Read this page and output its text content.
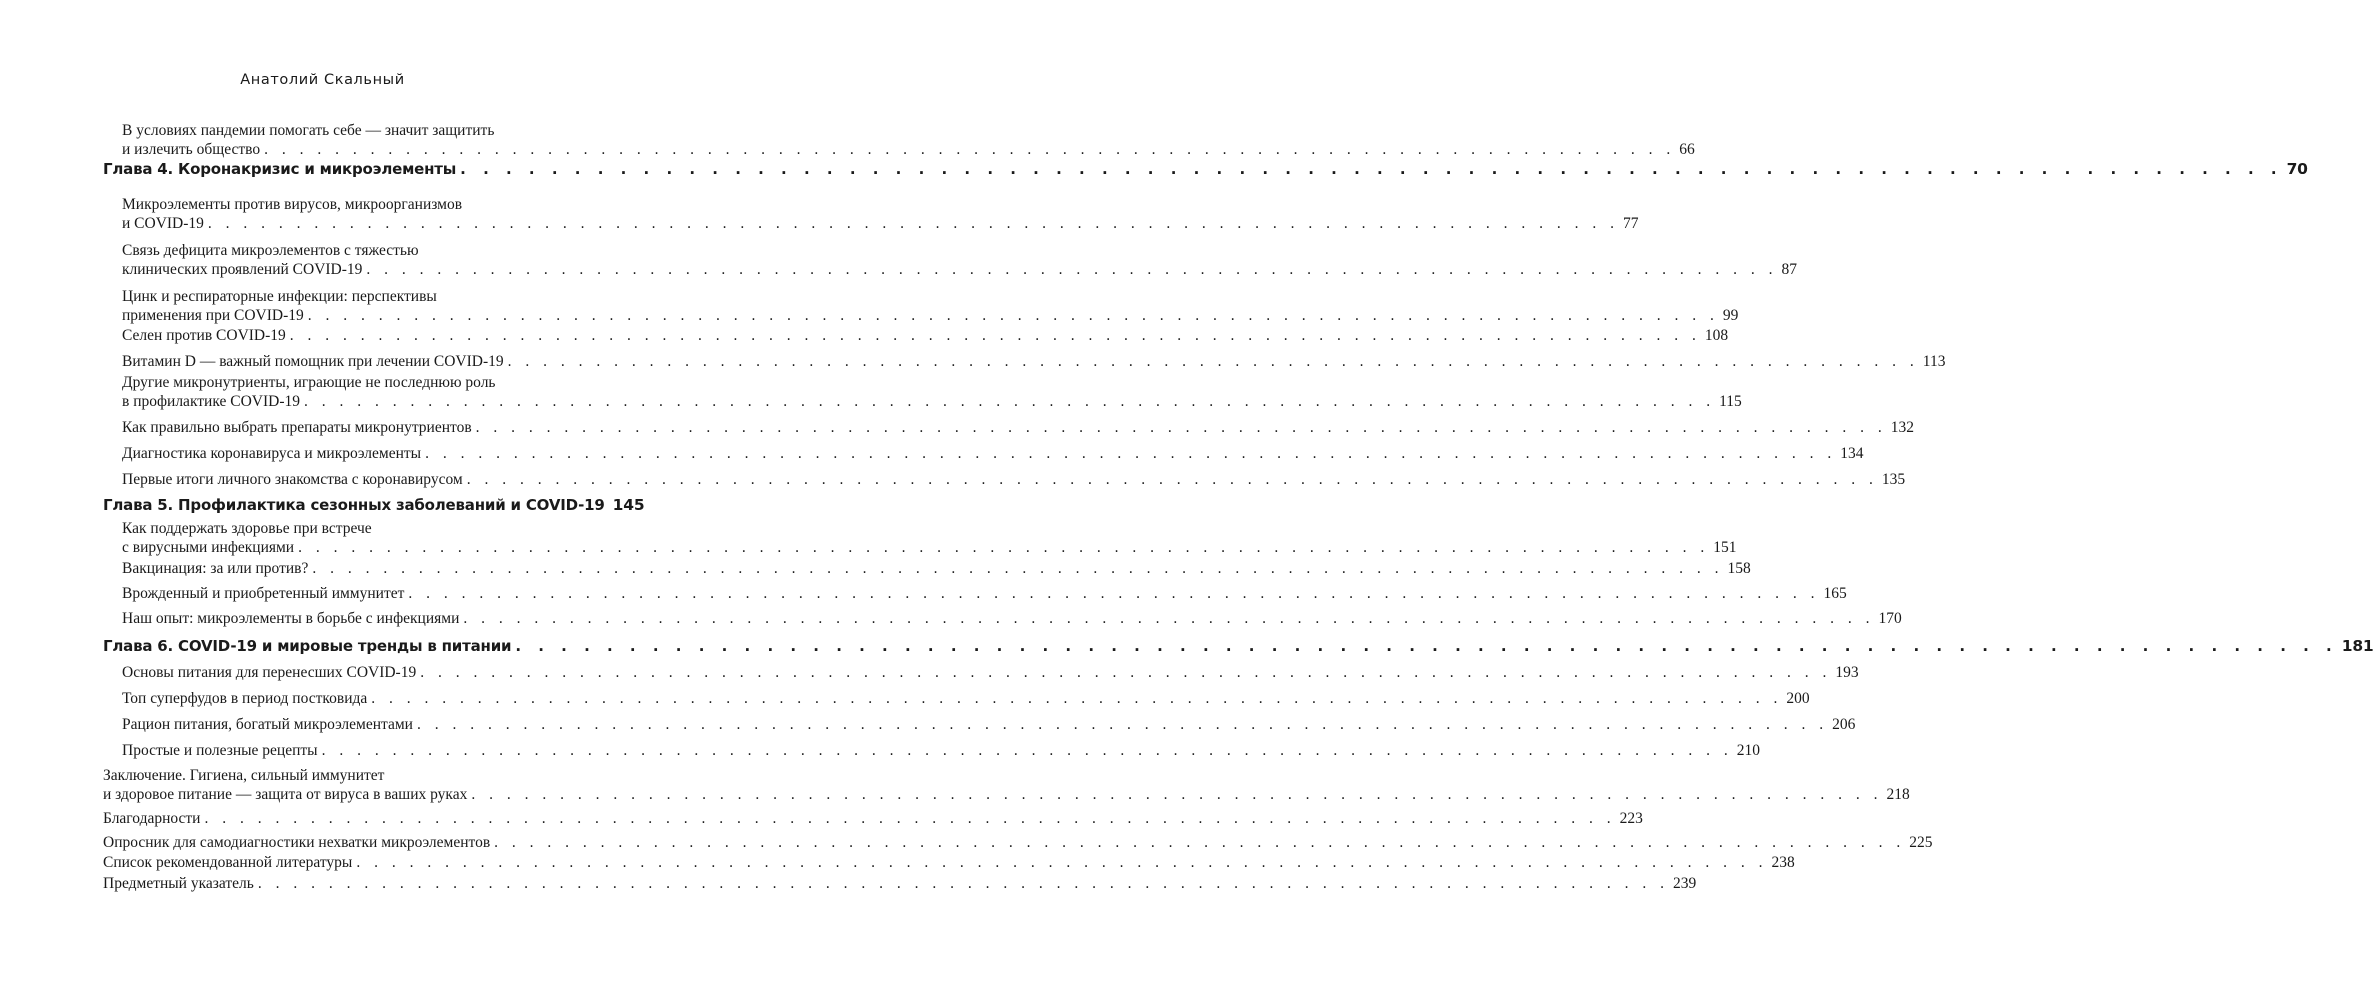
Анатолий Скальный
В условиях пандемии помогать себе — значит защитить
и излечить общество . . . . . . . . . . . . . . . . . . . . . . . . . . . . . . . . . . . . . . . . . . . . . . . . . . . . . . . . . . . . . . . . . . . . . . . . . . . . . . . . 66
Глава 4. Коронакризис и микроэлементы . . . . . . . . . . . . . . . . . . . . . . . . . . . . . . . . . . . . . . . . . . . . . . . . . . . . . . . . . . . . . . . . . . . . . . . . . . . . . . . . 70
Микроэлементы против вирусов, микроорганизмов
и COVID-19 . . . . . . . . . . . . . . . . . . . . . . . . . . . . . . . . . . . . . . . . . . . . . . . . . . . . . . . . . . . . . . . . . . . . . . . . . . . . . . . . 77
Связь дефицита микроэлементов с тяжестью
клинических проявлений COVID-19 . . . . . . . . . . . . . . . . . . . . . . . . . . . . . . . . . . . . . . . . . . . . . . . . . . . . . . . . . . . . . . . . . . . . . . . . . . . . . . . . 87
Цинк и респираторные инфекции: перспективы
применения при COVID-19 . . . . . . . . . . . . . . . . . . . . . . . . . . . . . . . . . . . . . . . . . . . . . . . . . . . . . . . . . . . . . . . . . . . . . . . . . . . . . . . . 99
Селен против COVID-19 . . . . . . . . . . . . . . . . . . . . . . . . . . . . . . . . . . . . . . . . . . . . . . . . . . . . . . . . . . . . . . . . . . . . . . . . . . . . . . . . 108
Витамин D — важный помощник при лечении COVID-19 . . . . . . . . . . . . . . . . . . . . . . . . . . . . . . . . . . . . . . . . . . . . . . . . . . . . . . . . . . . . . . . . . . . . . . . . . . . . . . . . 113
Другие микронутриенты, играющие не последнюю роль
в профилактике COVID-19 . . . . . . . . . . . . . . . . . . . . . . . . . . . . . . . . . . . . . . . . . . . . . . . . . . . . . . . . . . . . . . . . . . . . . . . . . . . . . . . . 115
Как правильно выбрать препараты микронутриентов . . . . . . . . . . . . . . . . . . . . . . . . . . . . . . . . . . . . . . . . . . . . . . . . . . . . . . . . . . . . . . . . . . . . . . . . . . . . . . . . 132
Диагностика коронавируса и микроэлементы . . . . . . . . . . . . . . . . . . . . . . . . . . . . . . . . . . . . . . . . . . . . . . . . . . . . . . . . . . . . . . . . . . . . . . . . . . . . . . . . 134
Первые итоги личного знакомства с коронавирусом . . . . . . . . . . . . . . . . . . . . . . . . . . . . . . . . . . . . . . . . . . . . . . . . . . . . . . . . . . . . . . . . . . . . . . . . . . . . . . . . 135
Глава 5. Профилактика сезонных заболеваний и COVID-19 145
Как поддержать здоровье при встрече
с вирусными инфекциями . . . . . . . . . . . . . . . . . . . . . . . . . . . . . . . . . . . . . . . . . . . . . . . . . . . . . . . . . . . . . . . . . . . . . . . . . . . . . . . . 151
Вакцинация: за или против? . . . . . . . . . . . . . . . . . . . . . . . . . . . . . . . . . . . . . . . . . . . . . . . . . . . . . . . . . . . . . . . . . . . . . . . . . . . . . . . . 158
Врожденный и приобретенный иммунитет . . . . . . . . . . . . . . . . . . . . . . . . . . . . . . . . . . . . . . . . . . . . . . . . . . . . . . . . . . . . . . . . . . . . . . . . . . . . . . . . 165
Наш опыт: микроэлементы в борьбе с инфекциями . . . . . . . . . . . . . . . . . . . . . . . . . . . . . . . . . . . . . . . . . . . . . . . . . . . . . . . . . . . . . . . . . . . . . . . . . . . . . . . . 170
Глава 6. COVID-19 и мировые тренды в питании . . . . . . . . . . . . . . . . . . . . . . . . . . . . . . . . . . . . . . . . . . . . . . . . . . . . . . . . . . . . . . . . . . . . . . . . . . . . . . . . 181
Основы питания для перенесших COVID-19 . . . . . . . . . . . . . . . . . . . . . . . . . . . . . . . . . . . . . . . . . . . . . . . . . . . . . . . . . . . . . . . . . . . . . . . . . . . . . . . . 193
Топ суперфудов в период постковида . . . . . . . . . . . . . . . . . . . . . . . . . . . . . . . . . . . . . . . . . . . . . . . . . . . . . . . . . . . . . . . . . . . . . . . . . . . . . . . . 200
Рацион питания, богатый микроэлементами . . . . . . . . . . . . . . . . . . . . . . . . . . . . . . . . . . . . . . . . . . . . . . . . . . . . . . . . . . . . . . . . . . . . . . . . . . . . . . . . 206
Простые и полезные рецепты . . . . . . . . . . . . . . . . . . . . . . . . . . . . . . . . . . . . . . . . . . . . . . . . . . . . . . . . . . . . . . . . . . . . . . . . . . . . . . . . 210
Заключение. Гигиена, сильный иммунитет
и здоровое питание — защита от вируса в ваших руках . . . . . . . . . . . . . . . . . . . . . . . . . . . . . . . . . . . . . . . . . . . . . . . . . . . . . . . . . . . . . . . . . . . . . . . . . . . . . . . . 218
Благодарности . . . . . . . . . . . . . . . . . . . . . . . . . . . . . . . . . . . . . . . . . . . . . . . . . . . . . . . . . . . . . . . . . . . . . . . . . . . . . . . . 223
Опросник для самодиагностики нехватки микроэлементов . . . . . . . . . . . . . . . . . . . . . . . . . . . . . . . . . . . . . . . . . . . . . . . . . . . . . . . . . . . . . . . . . . . . . . . . . . . . . . . . 225
Список рекомендованной литературы . . . . . . . . . . . . . . . . . . . . . . . . . . . . . . . . . . . . . . . . . . . . . . . . . . . . . . . . . . . . . . . . . . . . . . . . . . . . . . . . 238
Предметный указатель . . . . . . . . . . . . . . . . . . . . . . . . . . . . . . . . . . . . . . . . . . . . . . . . . . . . . . . . . . . . . . . . . . . . . . . . . . . . . . . . 239
